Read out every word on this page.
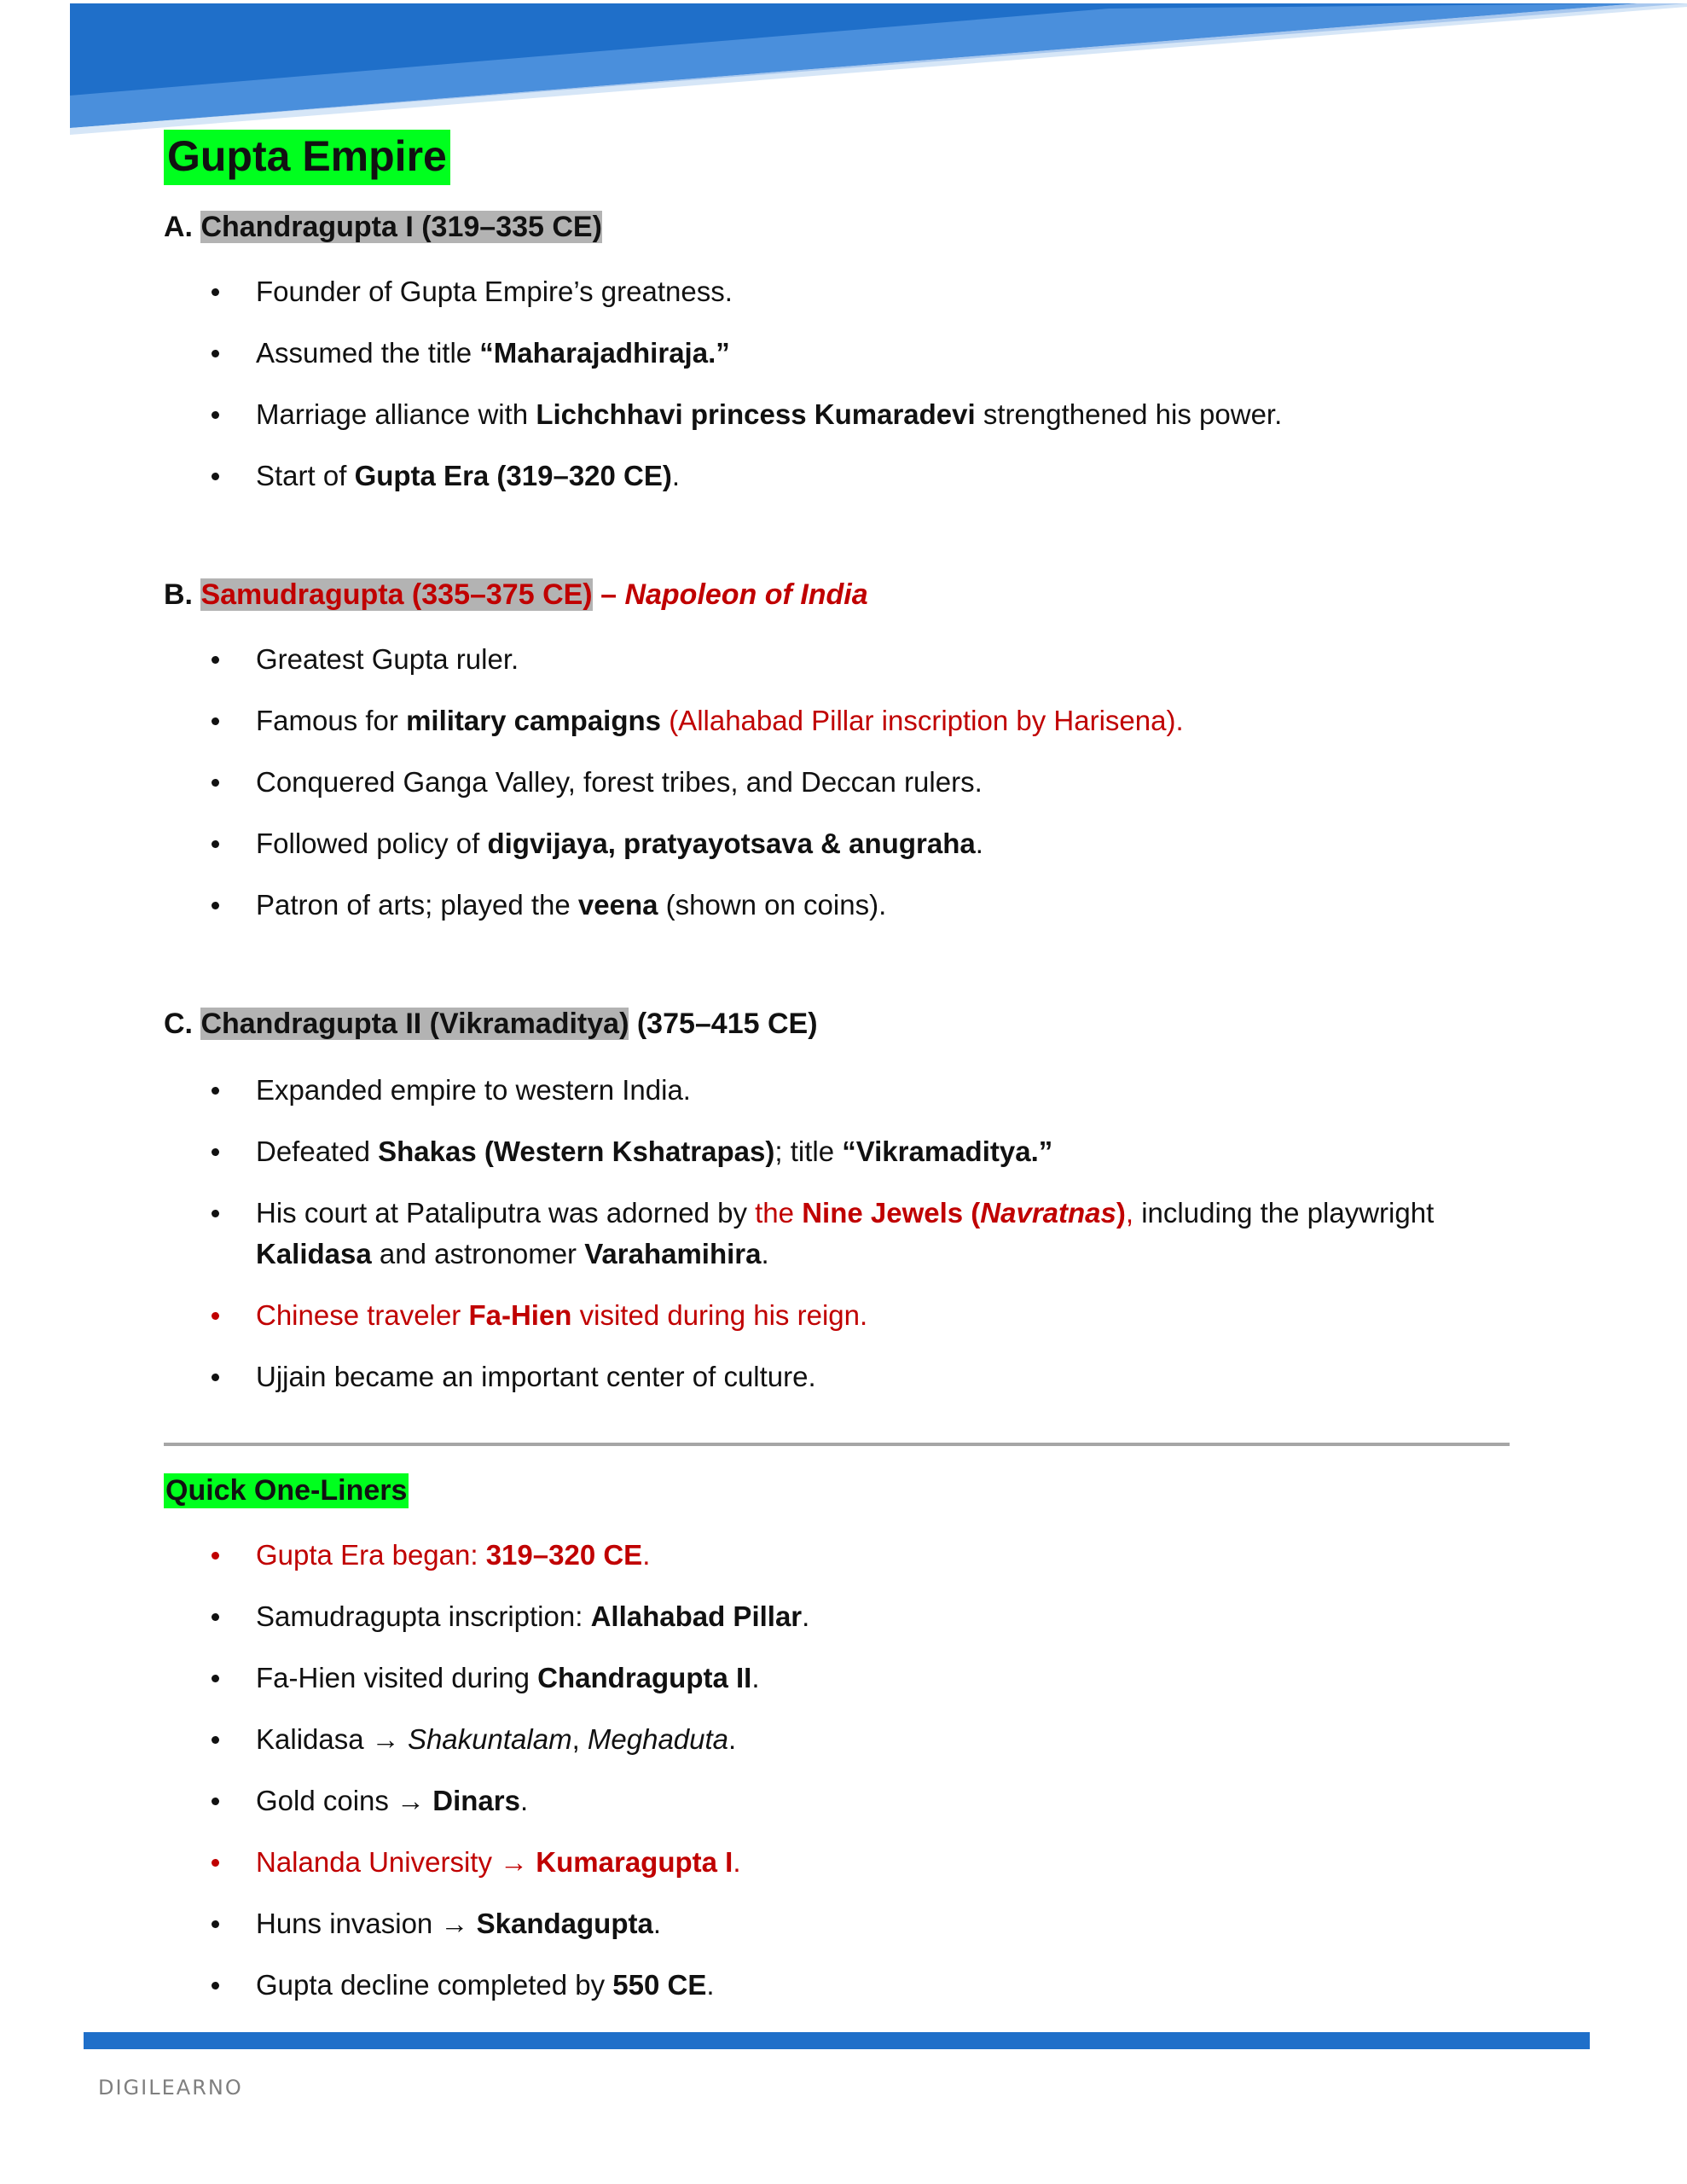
Gupta Empire
A. Chandragupta I (319–335 CE)
Founder of Gupta Empire’s greatness.
Assumed the title “Maharajadhiraja.”
Marriage alliance with Lichchhavi princess Kumaradevi strengthened his power.
Start of Gupta Era (319–320 CE).
B. Samudragupta (335–375 CE) – Napoleon of India
Greatest Gupta ruler.
Famous for military campaigns (Allahabad Pillar inscription by Harisena).
Conquered Ganga Valley, forest tribes, and Deccan rulers.
Followed policy of digvijaya, pratyayotsava & anugraha.
Patron of arts; played the veena (shown on coins).
C. Chandragupta II (Vikramaditya) (375–415 CE)
Expanded empire to western India.
Defeated Shakas (Western Kshatrapas); title “Vikramaditya.”
His court at Pataliputra was adorned by the Nine Jewels (Navratnas), including the playwright Kalidasa and astronomer Varahamihira.
Chinese traveler Fa-Hien visited during his reign.
Ujjain became an important center of culture.
Quick One-Liners
Gupta Era began: 319–320 CE.
Samudragupta inscription: Allahabad Pillar.
Fa-Hien visited during Chandragupta II.
Kalidasa → Shakuntalam, Meghaduta.
Gold coins → Dinars.
Nalanda University → Kumaragupta I.
Huns invasion → Skandagupta.
Gupta decline completed by 550 CE.
DIGILEARNO
